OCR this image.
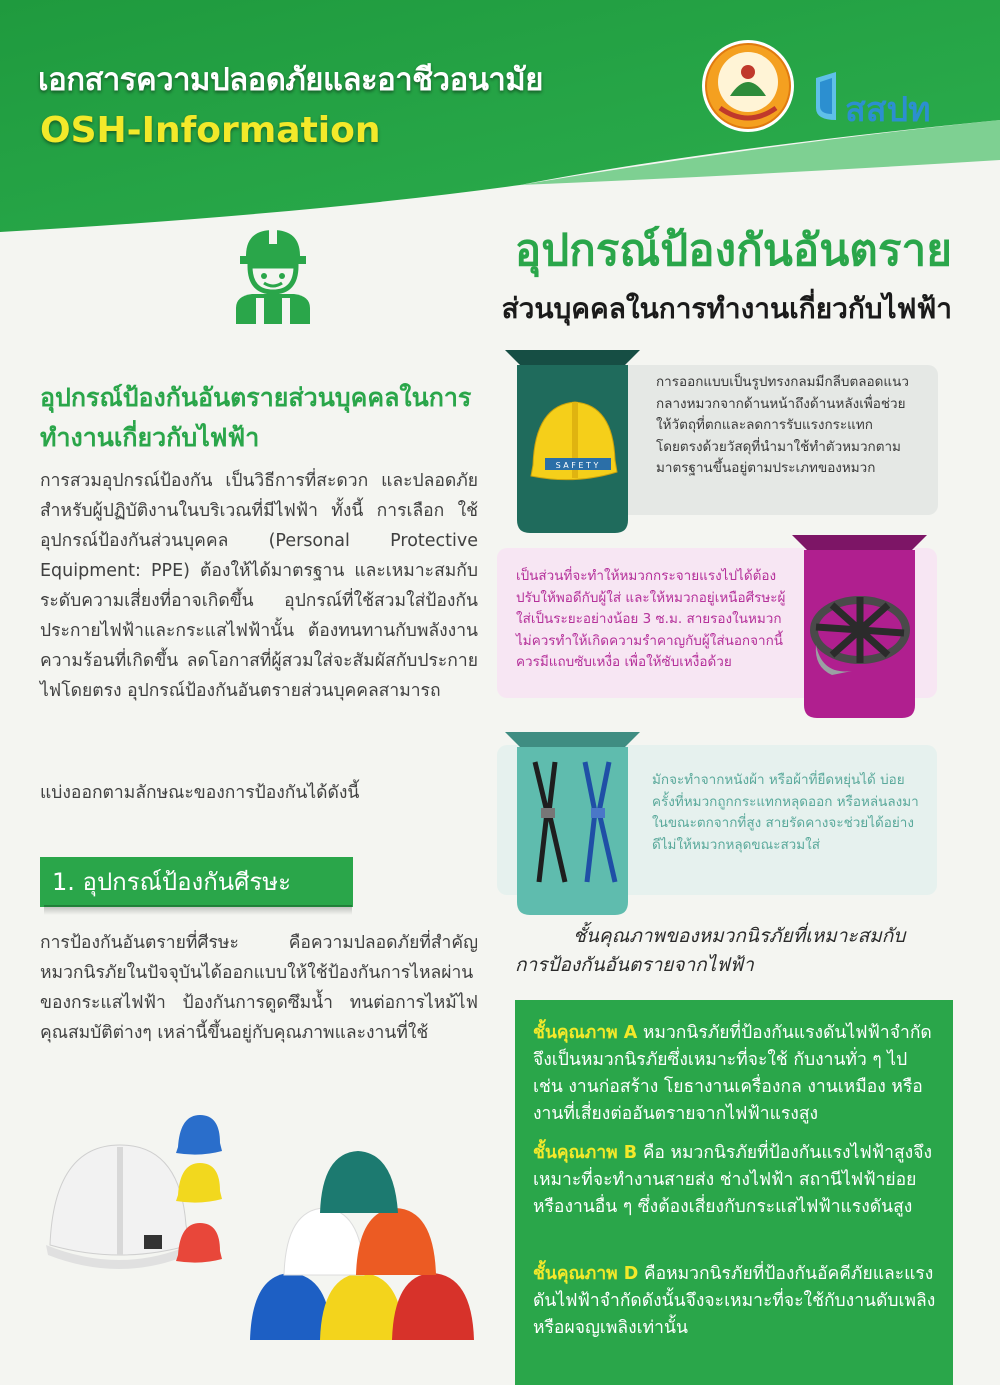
เอกสารความปลอดภัยและอาชีวอนามัย
OSH-Information	สสปท
อุปกรณ์ป้องกันอันตราย
ส่วนบุคคลในการทำงานเกี่ยวกับไฟฟ้า
อุปกรณ์ป้องกันอันตรายส่วนบุคคลในการทำงานเกี่ยวกับไฟฟ้า
การสวมอุปกรณ์ป้องกัน เป็นวิธีการที่สะดวก และปลอดภัยสำหรับผู้ปฏิบัติงานในบริเวณที่มีไฟฟ้า ทั้งนี้ การเลือก ใช้อุปกรณ์ป้องกันส่วนบุคคล (Personal Protective Equipment: PPE) ต้องให้ได้มาตรฐาน และเหมาะสมกับระดับความเสี่ยงที่อาจเกิดขึ้น อุปกรณ์ที่ใช้สวมใส่ป้องกันประกายไฟฟ้าและกระแสไฟฟ้านั้น ต้องทนทานกับพลังงานความร้อนที่เกิดขึ้น ลดโอกาสที่ผู้สวมใส่จะสัมผัสกับประกาย ไฟโดยตรง อุปกรณ์ป้องกันอันตรายส่วนบุคคลสามารถ
แบ่งออกตามลักษณะของการป้องกันได้ดังนี้
1. อุปกรณ์ป้องกันศีรษะ
การป้องกันอันตรายที่ศีรษะ คือความปลอดภัยที่สำคัญ หมวกนิรภัยในปัจจุบันได้ออกแบบให้ใช้ป้องกันการไหลผ่านของกระแสไฟฟ้า ป้องกันการดูดซึมน้ำ ทนต่อการไหม้ไฟ คุณสมบัติต่างๆ เหล่านี้ขึ้นอยู่กับคุณภาพและงานที่ใช้
S A F E T Y
การออกแบบเป็นรูปทรงกลมมีกลีบตลอดแนวกลางหมวกจากด้านหน้าถึงด้านหลังเพื่อช่วยให้วัตถุที่ตกและลดการรับแรงกระแทกโดยตรงด้วยวัสดุที่นำมาใช้ทำตัวหมวกตามมาตรฐานขึ้นอยู่ตามประเภทของหมวก
เป็นส่วนที่จะทำให้หมวกกระจายแรงไปได้ต้องปรับให้พอดีกับผู้ใส่ และให้หมวกอยู่เหนือศีรษะผู้ใส่เป็นระยะอย่างน้อย 3 ซ.ม. สายรองในหมวกไม่ควรทำให้เกิดความรำคาญกับผู้ใส่นอกจากนี้ควรมีแถบซับเหงื่อ เพื่อให้ซับเหงื่อด้วย
มักจะทำจากหนังผ้า หรือผ้าที่ยืดหยุ่นได้ บ่อยครั้งที่หมวกถูกกระแทกหลุดออก หรือหล่นลงมาในขณะตกจากที่สูง สายรัดคางจะช่วยได้อย่างดีไม่ให้หมวกหลุดขณะสวมใส่
ชั้นคุณภาพของหมวกนิรภัยที่เหมาะสมกับ
การป้องกันอันตรายจากไฟฟ้า
ชั้นคุณภาพ A หมวกนิรภัยที่ป้องกันแรงดันไฟฟ้าจำกัดจึงเป็นหมวกนิรภัยซึ่งเหมาะที่จะใช้ กับงานทั่ว ๆ ไป เช่น งานก่อสร้าง โยธางานเครื่องกล งานเหมือง หรืองานที่เสี่ยงต่ออันตรายจากไฟฟ้าแรงสูง
ชั้นคุณภาพ B คือ หมวกนิรภัยที่ป้องกันแรงไฟฟ้าสูงจึงเหมาะที่จะทำงานสายส่ง ช่างไฟฟ้า สถานีไฟฟ้าย่อย หรืองานอื่น ๆ ซึ่งต้องเสี่ยงกับกระแสไฟฟ้าแรงดันสูง
ชั้นคุณภาพ D คือหมวกนิรภัยที่ป้องกันอัคคีภัยและแรงดันไฟฟ้าจำกัดดังนั้นจึงจะเหมาะที่จะใช้กับงานดับเพลิงหรือผจญเพลิงเท่านั้น
